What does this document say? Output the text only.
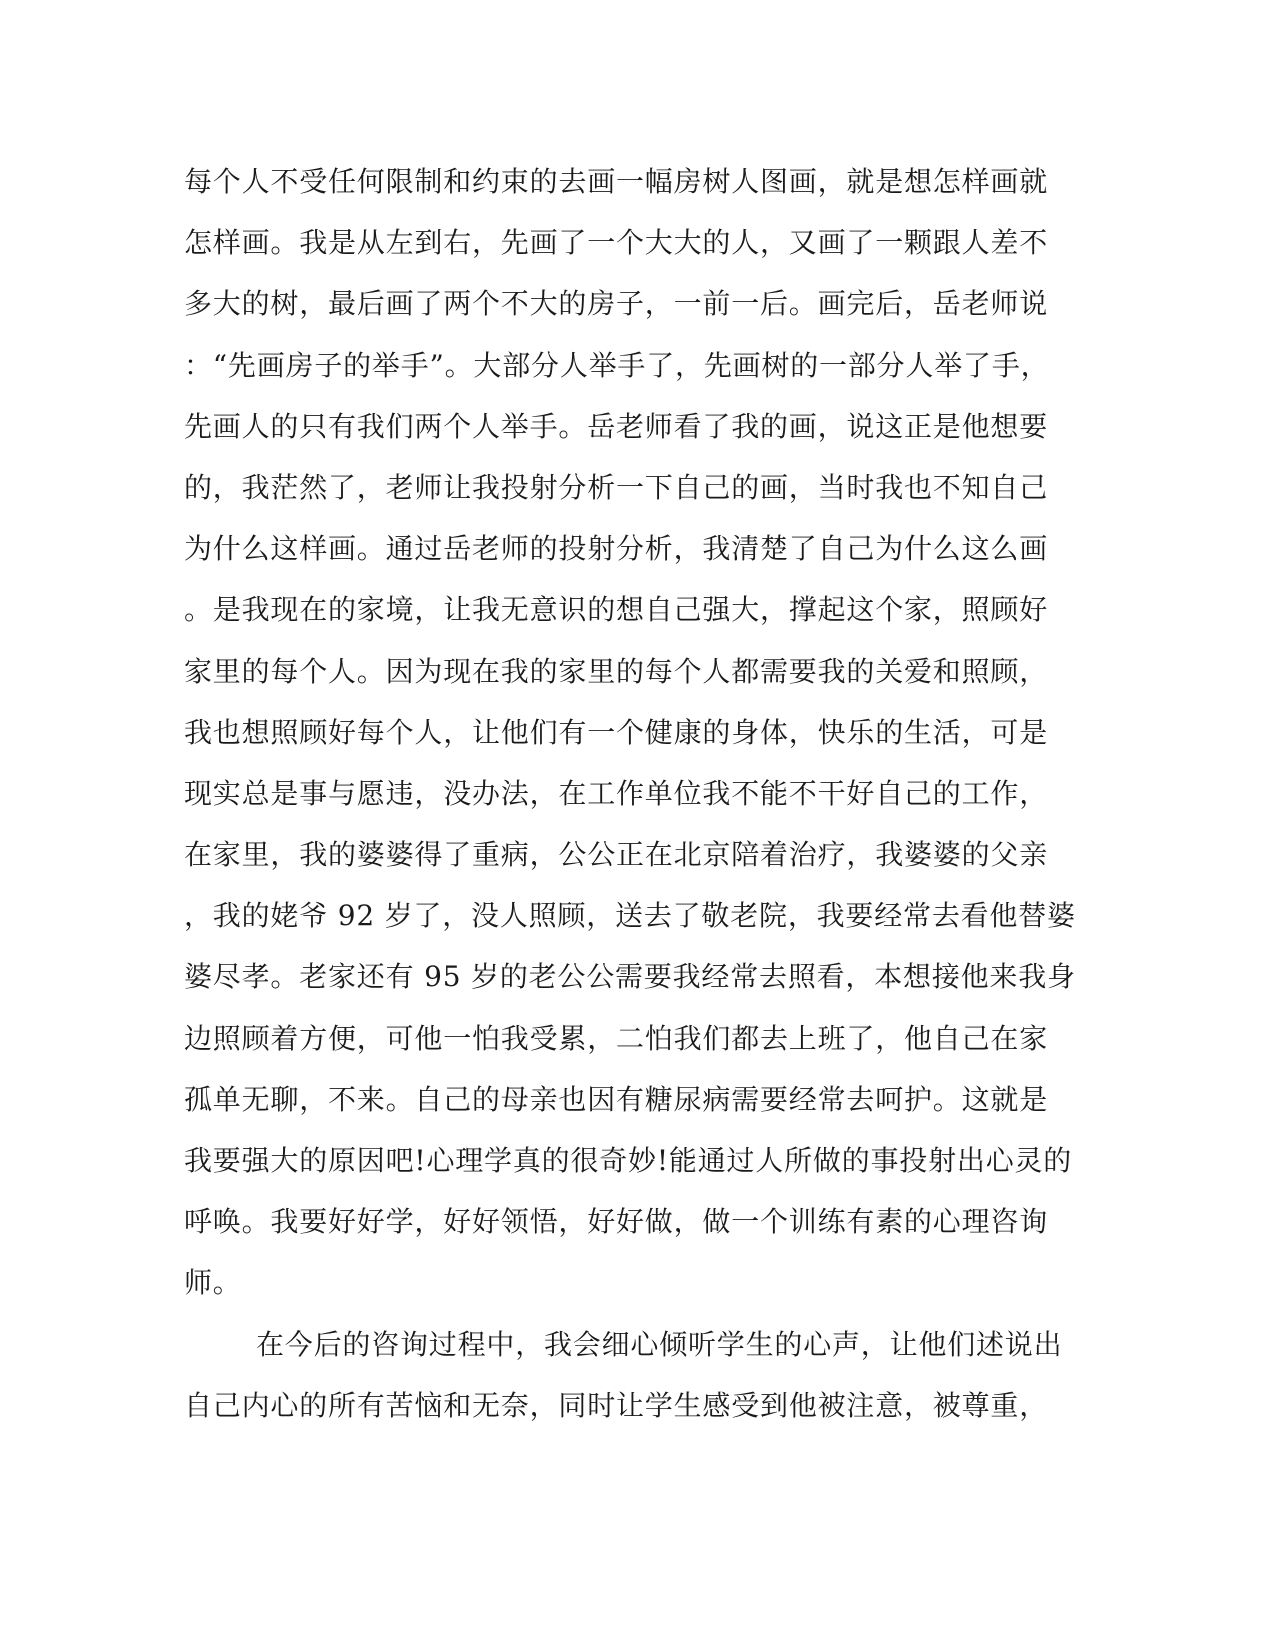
每个人不受任何限制和约束的去画一幅房树人图画，就是想怎样画就
怎样画。我是从左到右，先画了一个大大的人，又画了一颗跟人差不
多大的树，最后画了两个不大的房子，一前一后。画完后，岳老师说
：“先画房子的举手”。大部分人举手了，先画树的一部分人举了手，
先画人的只有我们两个人举手。岳老师看了我的画，说这正是他想要
的，我茫然了，老师让我投射分析一下自己的画，当时我也不知自己
为什么这样画。通过岳老师的投射分析，我清楚了自己为什么这么画
。是我现在的家境，让我无意识的想自己强大，撑起这个家，照顾好
家里的每个人。因为现在我的家里的每个人都需要我的关爱和照顾，
我也想照顾好每个人，让他们有一个健康的身体，快乐的生活，可是
现实总是事与愿违，没办法，在工作单位我不能不干好自己的工作，
在家里，我的婆婆得了重病，公公正在北京陪着治疗，我婆婆的父亲
，我的姥爷 92 岁了，没人照顾，送去了敬老院，我要经常去看他替婆
婆尽孝。老家还有 95 岁的老公公需要我经常去照看，本想接他来我身
边照顾着方便，可他一怕我受累，二怕我们都去上班了，他自己在家
孤单无聊，不来。自己的母亲也因有糖尿病需要经常去呵护。这就是
我要强大的原因吧!心理学真的很奇妙!能通过人所做的事投射出心灵的
呼唤。我要好好学，好好领悟，好好做，做一个训练有素的心理咨询
师。
在今后的咨询过程中，我会细心倾听学生的心声，让他们述说出
自己内心的所有苦恼和无奈，同时让学生感受到他被注意，被尊重，
